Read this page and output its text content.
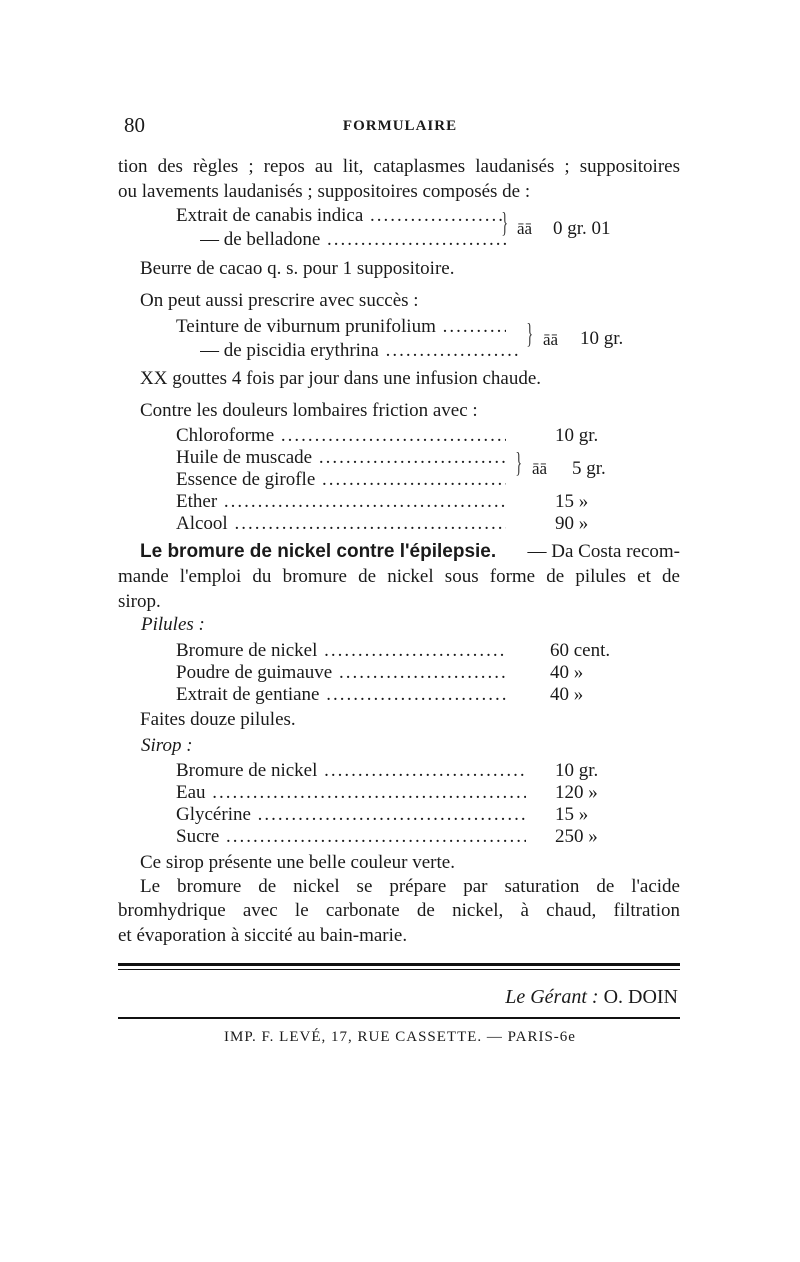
80	FORMULAIRE
tion des règles ; repos au lit, cataplasmes laudanisés ; suppositoires
ou lavements laudanisés ; suppositoires composés de :
Extrait de canabis indica .....
— de belladone .....
} āā 0 gr. 01
Beurre de cacao q. s. pour 1 suppositoire.
On peut aussi prescrire avec succès :
Teinture de viburnum prunifolium .....
— de piscidia erythrina .....
} āā 10 gr.
XX gouttes 4 fois par jour dans une infusion chaude.
Contre les douleurs lombaires friction avec :
Chloroforme .....	10 gr.
Huile de muscade .....
Essence de girofle .....
} āā 5 gr.
Ether .....	15 »
Alcool .....	90 »
Le bromure de nickel contre l'épilepsie. — Da Costa recom-
mande l'emploi du bromure de nickel sous forme de pilules et de
sirop.
Pilules :
Bromure de nickel .....	60 cent.
Poudre de guimauve .....	40 »
Extrait de gentiane .....	40 »
Faites douze pilules.
Sirop :
Bromure de nickel .....	10 gr.
Eau .....	120 »
Glycérine .....	15 »
Sucre .....	250 »
Ce sirop présente une belle couleur verte.
Le bromure de nickel se prépare par saturation de l'acide
bromhydrique avec le carbonate de nickel, à chaud, filtration
et évaporation à siccité au bain-marie.
Le Gérant : O. DOIN
IMP. F. LEVÉ, 17, RUE CASSETTE. — PARIS-6e
